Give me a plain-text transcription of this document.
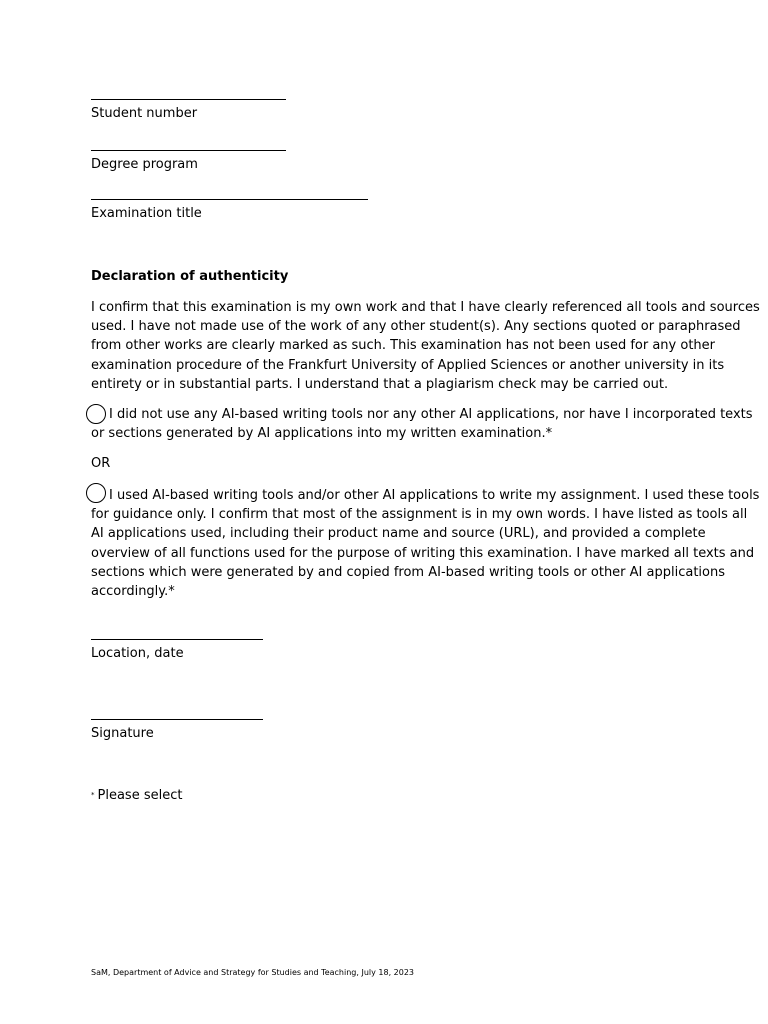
Student number
Degree program
Examination title
Declaration of authenticity

I confirm that this examination is my own work and that I have clearly referenced all tools and sources used. I have not made use of the work of any other student(s). Any sections quoted or paraphrased from other works are clearly marked as such. This examination has not been used for any other examination procedure of the Frankfurt University of Applied Sciences or another university in its entirety or in substantial parts. I understand that a plagiarism check may be carried out.

I did not use any AI-based writing tools nor any other AI applications, nor have I incorporated texts or sections generated by AI applications into my written examination.*

OR

I used AI-based writing tools and/or other AI applications to write my assignment. I used these tools for guidance only. I confirm that most of the assignment is in my own words. I have listed as tools all AI applications used, including their product name and source (URL), and provided a complete overview of all functions used for the purpose of writing this examination. I have marked all texts and sections which were generated by and copied from AI-based writing tools or other AI applications accordingly.*

Location, date
Signature
* Please select
SaM, Department of Advice and Strategy for Studies and Teaching, July 18, 2023
